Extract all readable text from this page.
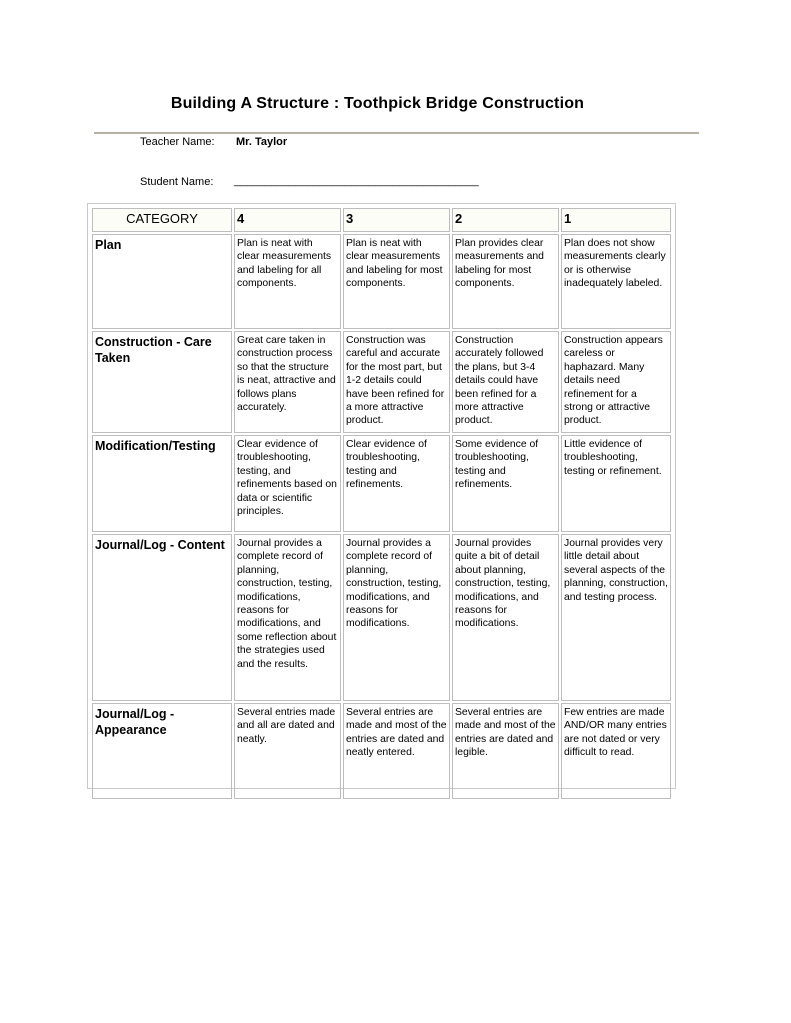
Building A Structure : Toothpick Bridge Construction
Teacher Name: Mr. Taylor
Student Name: ________________________________________
CATEGORY	4	3	2	1
Plan	Plan is neat with clear measurements and labeling for all components.	Plan is neat with clear measurements and labeling for most components.	Plan provides clear measurements and labeling for most components.	Plan does not show measurements clearly or is otherwise inadequately labeled.
Construction - Care Taken	Great care taken in construction process so that the structure is neat, attractive and follows plans accurately.	Construction was careful and accurate for the most part, but 1-2 details could have been refined for a more attractive product.	Construction accurately followed the plans, but 3-4 details could have been refined for a more attractive product.	Construction appears careless or haphazard. Many details need refinement for a strong or attractive product.
Modification/Testing	Clear evidence of troubleshooting, testing, and refinements based on data or scientific principles.	Clear evidence of troubleshooting, testing and refinements.	Some evidence of troubleshooting, testing and refinements.	Little evidence of troubleshooting, testing or refinement.
Journal/Log - Content	Journal provides a complete record of planning, construction, testing, modifications, reasons for modifications, and some reflection about the strategies used and the results.	Journal provides a complete record of planning, construction, testing, modifications, and reasons for modifications.	Journal provides quite a bit of detail about planning, construction, testing, modifications, and reasons for modifications.	Journal provides very little detail about several aspects of the planning, construction, and testing process.
Journal/Log - Appearance	Several entries made and all are dated and neatly.	Several entries are made and most of the entries are dated and neatly entered.	Several entries are made and most of the entries are dated and legible.	Few entries are made AND/OR many entries are not dated or very difficult to read.
